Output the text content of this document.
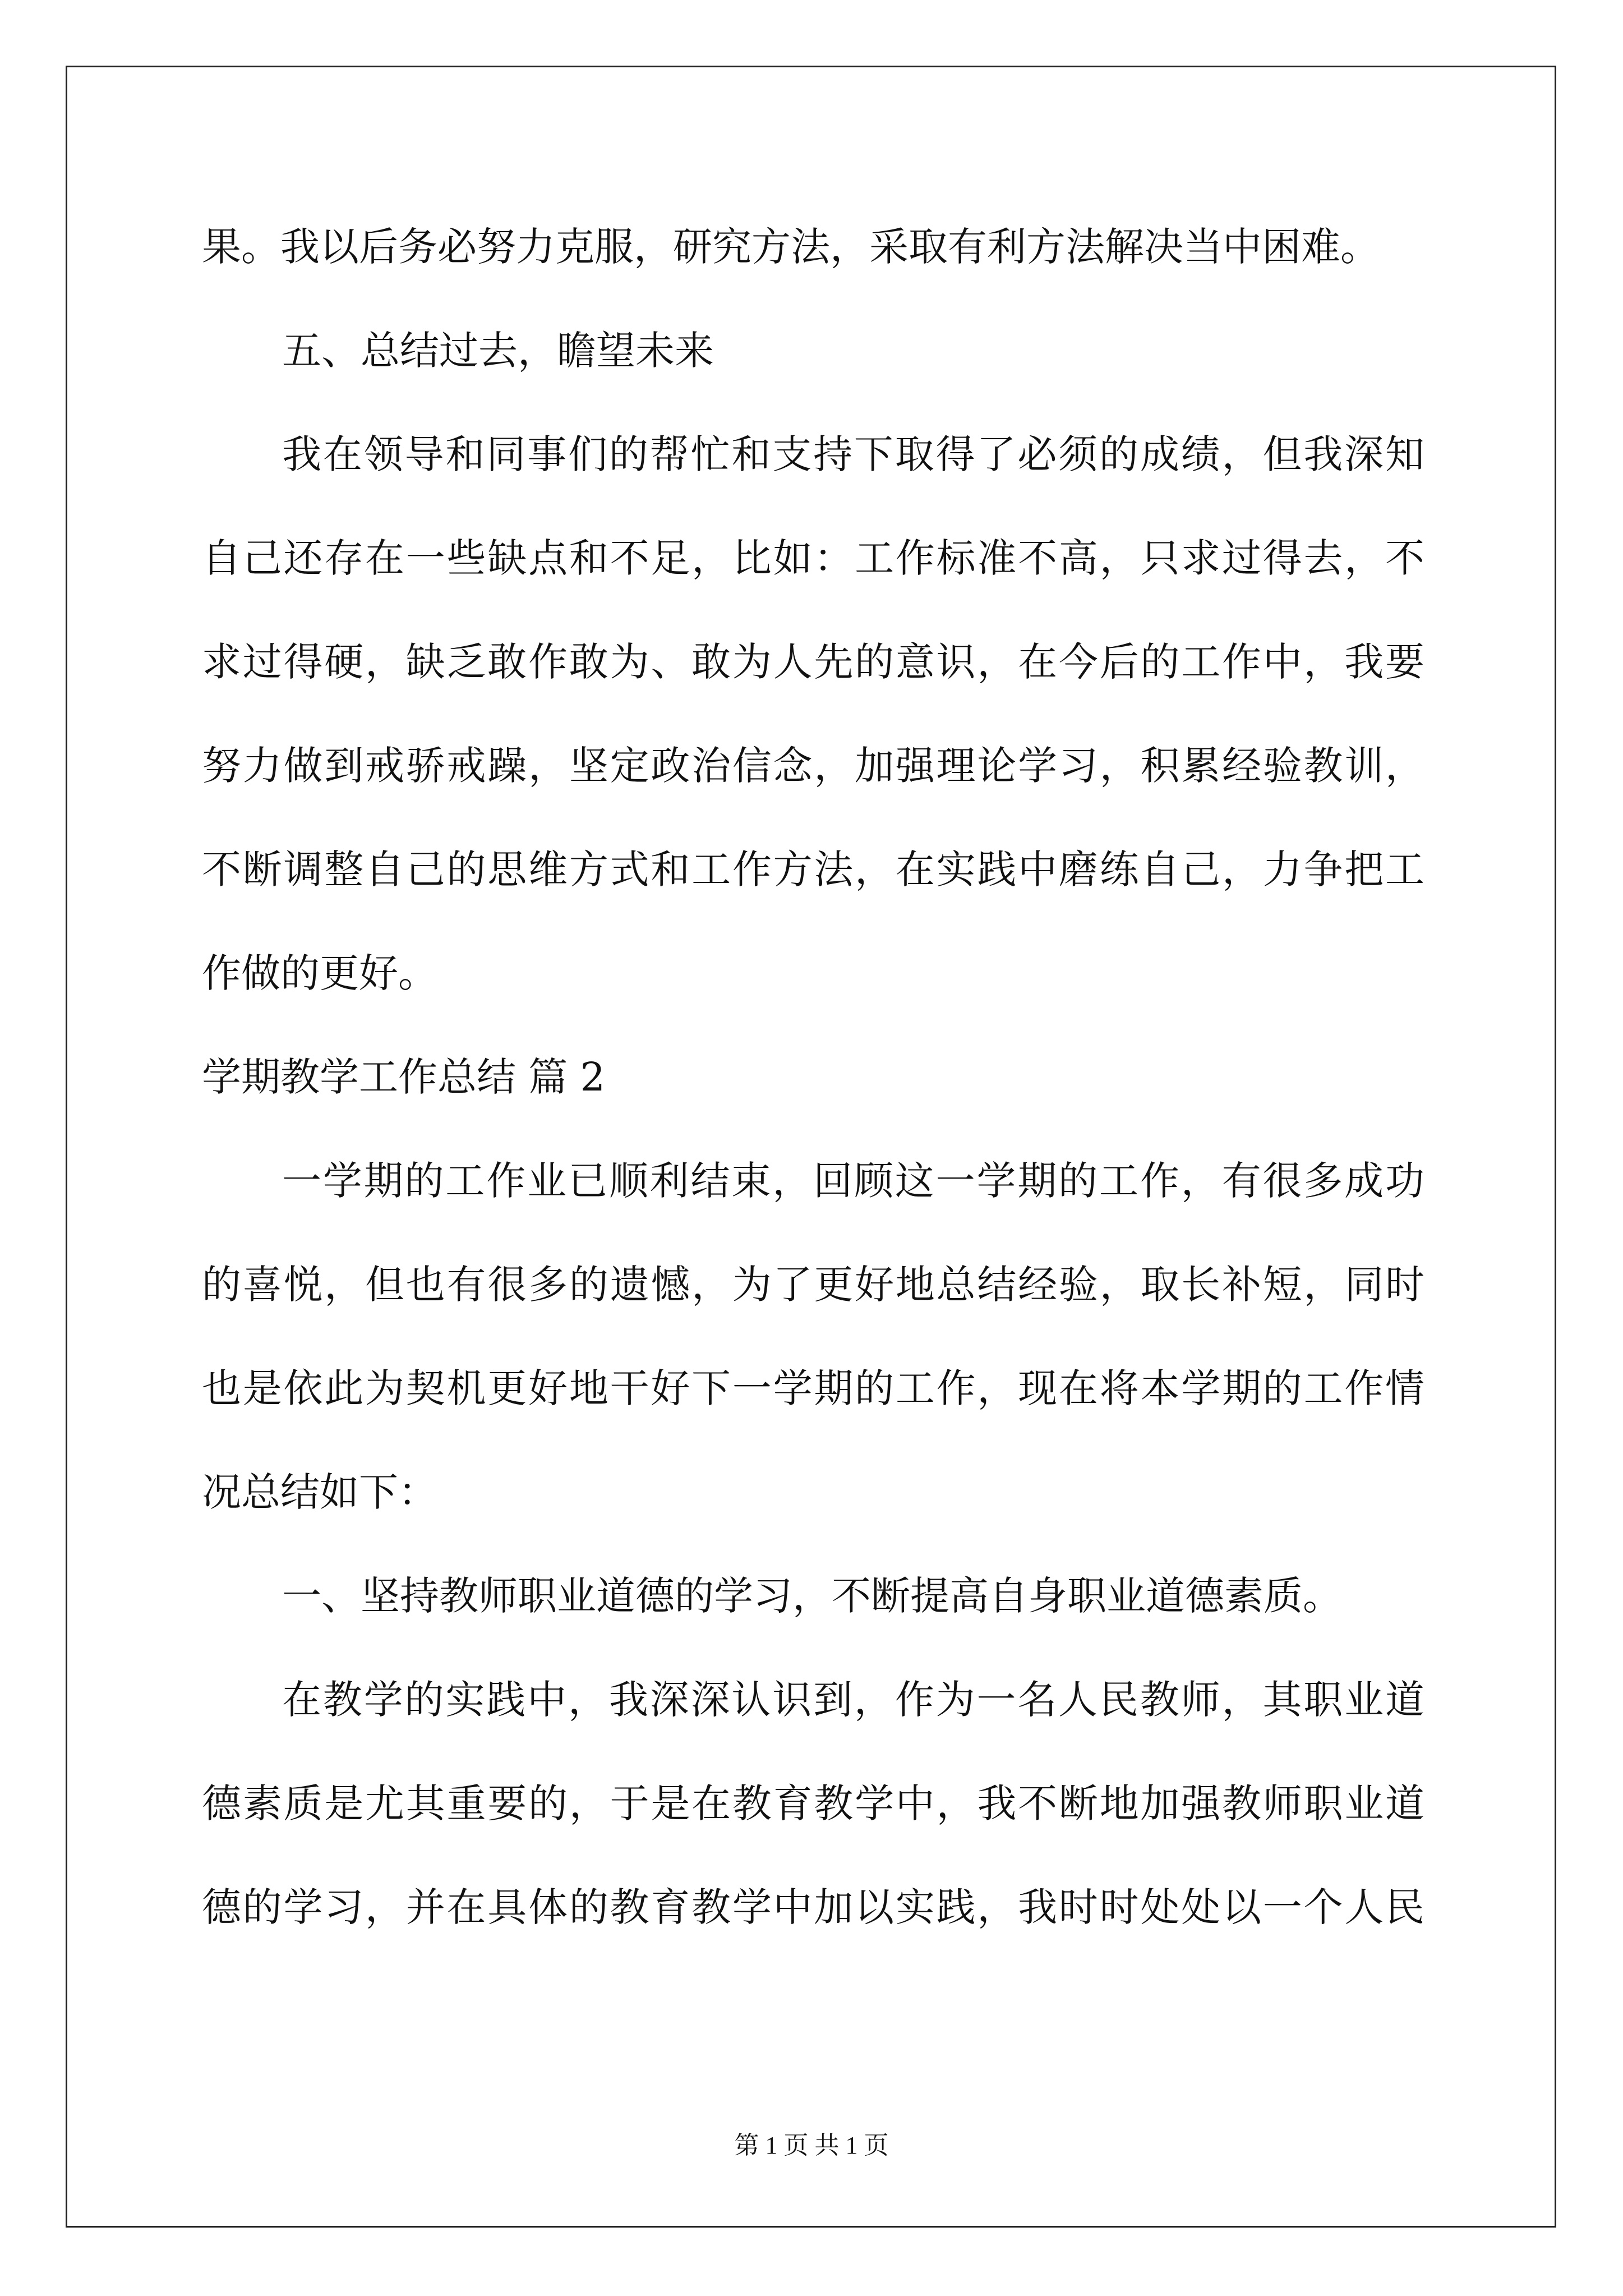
果。我以后务必努力克服，研究方法，采取有利方法解决当中困难。
五、总结过去，瞻望未来
我在领导和同事们的帮忙和支持下取得了必须的成绩，但我深知
自己还存在一些缺点和不足，比如：工作标准不高，只求过得去，不
求过得硬，缺乏敢作敢为、敢为人先的意识，在今后的工作中，我要
努力做到戒骄戒躁，坚定政治信念，加强理论学习，积累经验教训，
不断调整自己的思维方式和工作方法，在实践中磨练自己，力争把工
作做的更好。
学期教学工作总结 篇 2
一学期的工作业已顺利结束，回顾这一学期的工作，有很多成功
的喜悦，但也有很多的遗憾，为了更好地总结经验，取长补短，同时
也是依此为契机更好地干好下一学期的工作，现在将本学期的工作情
况总结如下：
一、坚持教师职业道德的学习，不断提高自身职业道德素质。
在教学的实践中，我深深认识到，作为一名人民教师，其职业道
德素质是尤其重要的，于是在教育教学中，我不断地加强教师职业道
德的学习，并在具体的教育教学中加以实践，我时时处处以一个人民
第 1 页 共 1 页
